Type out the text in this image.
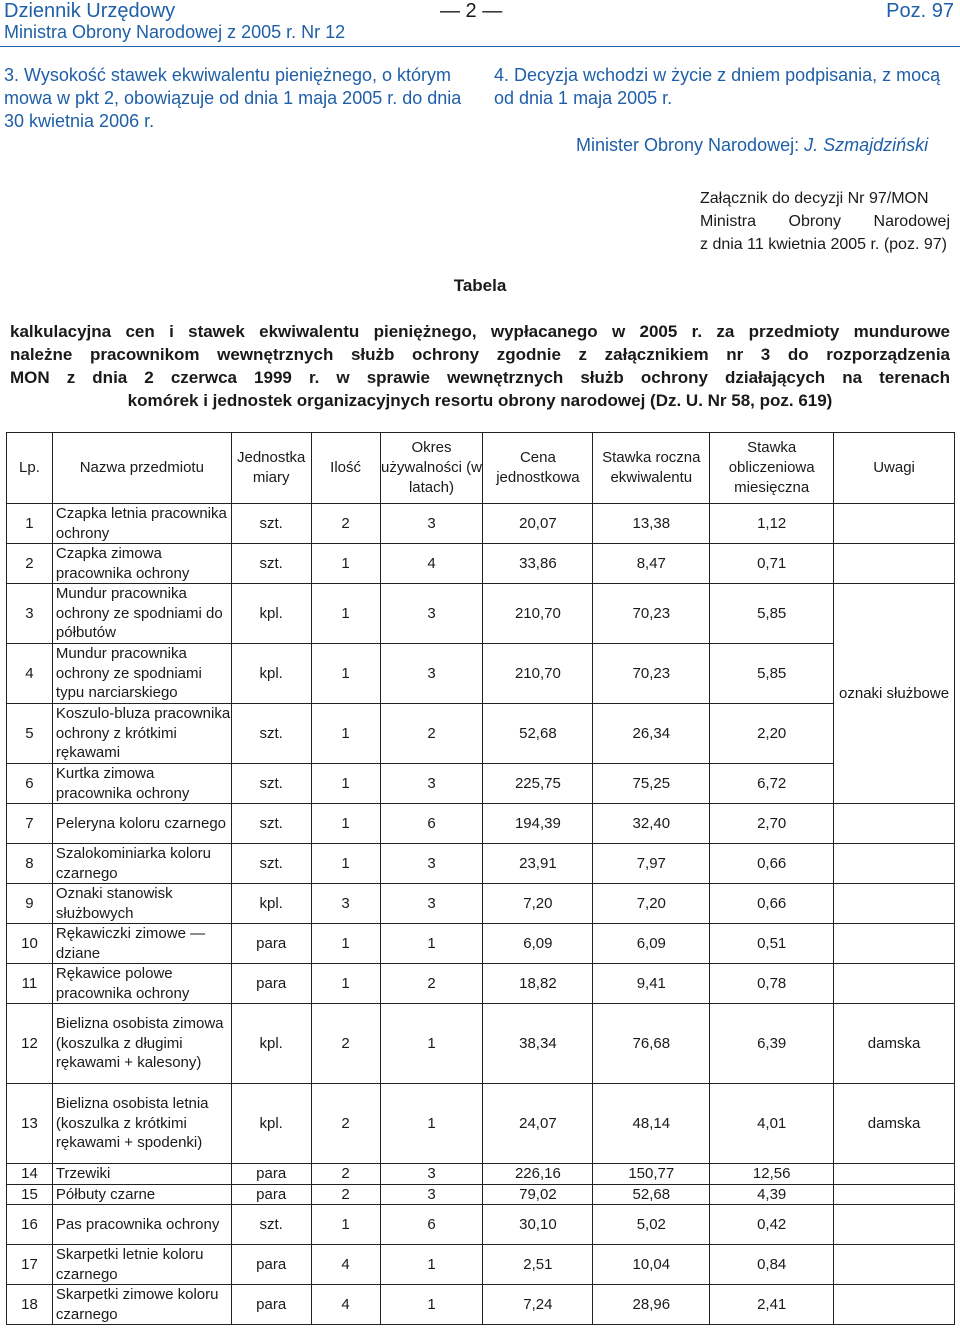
Dziennik Urzędowy
Ministra Obrony Narodowej z 2005 r. Nr 12
— 2 —	Poz. 97
3. Wysokość stawek ekwiwalentu pieniężnego, o którym mowa w pkt 2, obowiązuje od dnia 1 maja 2005 r. do dnia 30 kwietnia 2006 r.
4. Decyzja wchodzi w życie z dniem podpisania, z mocą od dnia 1 maja 2005 r.
Minister Obrony Narodowej: J. Szmajdziński
Załącznik do decyzji Nr 97/MON
Ministra Obrony Narodowej
z dnia 11 kwietnia 2005 r. (poz. 97)
Tabela
kalkulacyjna cen i stawek ekwiwalentu pieniężnego, wypłacanego w 2005 r. za przedmioty mundurowe
należne pracownikom wewnętrznych służb ochrony zgodnie z załącznikiem nr 3 do rozporządzenia
MON z dnia 2 czerwca 1999 r. w sprawie wewnętrznych służb ochrony działających na terenach
komórek i jednostek organizacyjnych resortu obrony narodowej (Dz. U. Nr 58, poz. 619)
Lp.	Nazwa przedmiotu	Jednostka miary	Ilość	Okres używalności (w latach)	Cena jednostkowa	Stawka roczna ekwiwalentu	Stawka obliczeniowa miesięczna	Uwagi
1	Czapka letnia pracownika ochrony	szt.	2	3	20,07	13,38	1,12	
2	Czapka zimowa pracownika ochrony	szt.	1	4	33,86	8,47	0,71	
3	Mundur pracownika ochrony ze spodniami do półbutów	kpl.	1	3	210,70	70,23	5,85	oznaki służbowe
4	Mundur pracownika ochrony ze spodniami typu narciarskiego	kpl.	1	3	210,70	70,23	5,85	
5	Koszulo-bluza pracownika ochrony z krótkimi rękawami	szt.	1	2	52,68	26,34	2,20	
6	Kurtka zimowa pracownika ochrony	szt.	1	3	225,75	75,25	6,72	
7	Peleryna koloru czarnego	szt.	1	6	194,39	32,40	2,70	
8	Szalokominiarka koloru czarnego	szt.	1	3	23,91	7,97	0,66	
9	Oznaki stanowisk służbowych	kpl.	3	3	7,20	7,20	0,66	
10	Rękawiczki zimowe — dziane	para	1	1	6,09	6,09	0,51	
11	Rękawice polowe pracownika ochrony	para	1	2	18,82	9,41	0,78	
12	Bielizna osobista zimowa (koszulka z długimi rękawami + kalesony)	kpl.	2	1	38,34	76,68	6,39	damska
13	Bielizna osobista letnia (koszulka z krótkimi rękawami + spodenki)	kpl.	2	1	24,07	48,14	4,01	damska
14	Trzewiki	para	2	3	226,16	150,77	12,56	
15	Półbuty czarne	para	2	3	79,02	52,68	4,39	
16	Pas pracownika ochrony	szt.	1	6	30,10	5,02	0,42	
17	Skarpetki letnie koloru czarnego	para	4	1	2,51	10,04	0,84	
18	Skarpetki zimowe koloru czarnego	para	4	1	7,24	28,96	2,41	
